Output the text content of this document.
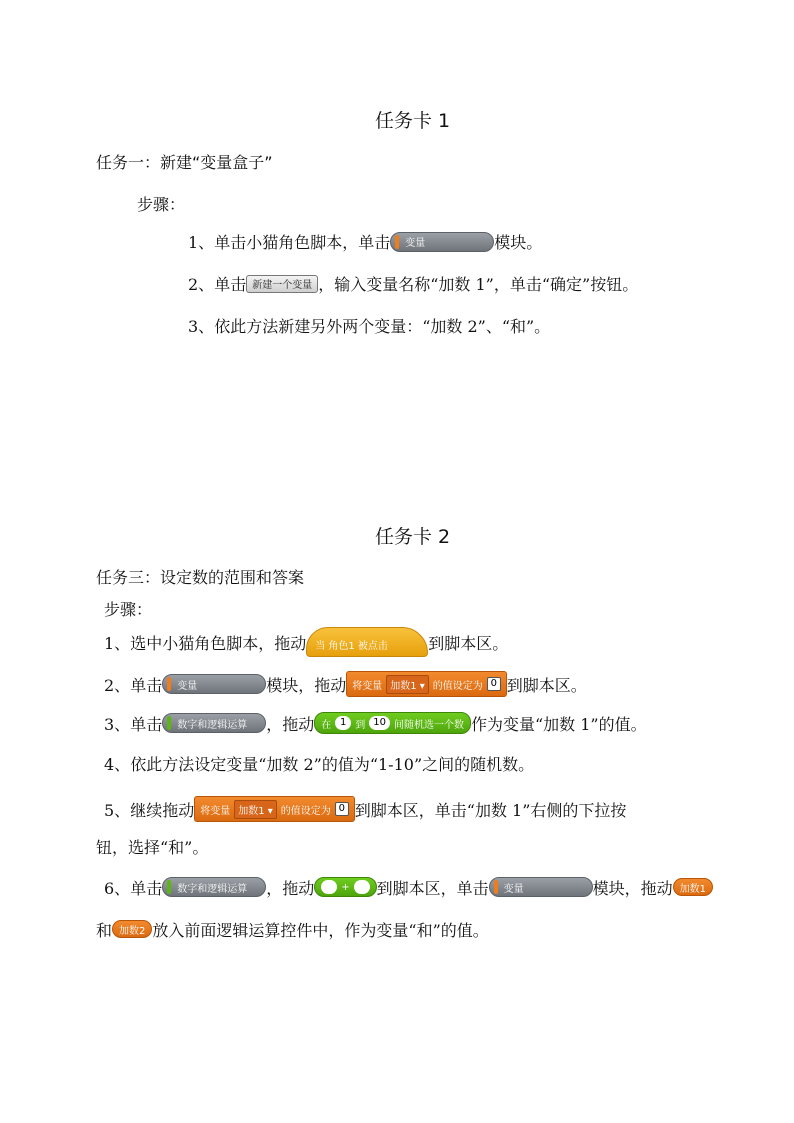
任务卡 1
任务一：新建“变量盒子”
步骤：
1、 单击小猫角色脚本，单击 变量	模块。
2、 单击 新建一个变量 ，输入变量名称“加数 1”，单击“确定”按钮。
3、 依此方法新建另外两个变量：“加数 2”、“和”。
任务卡 2
任务三：设定数的范围和答案
步骤：
1、 选中小猫角色脚本，拖动 当 角色1 被点击	到脚本区。
2、 单击 变量	模块，拖动 将变量 加数1 ▾ 的值设定为 0 到脚本区。
3、 单击 数字和逻辑运算 ，拖动 在 1 到 10 间随机选一个数 作为变量“加数 1”的值。
4、 依此方法设定变量“加数 2”的值为“1-10”之间的随机数。
5、 继续拖动 将变量 加数1 ▾ 的值设定为 0 到脚本区，单击“加数 1”右侧的下拉按
钮，选择“和”。
6、 单击 数字和逻辑运算 ，拖动
	+
到脚本区，单击 变量	模块，拖动 加数1
和 加数2 放入前面逻辑运算控件中，作为变量“和”的值。
